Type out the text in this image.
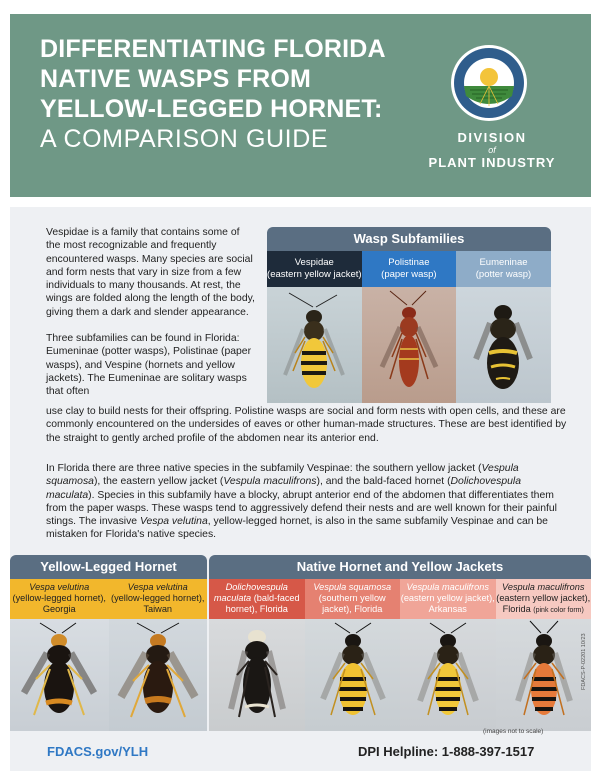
DIFFERENTIATING FLORIDA
NATIVE WASPS FROM
YELLOW-LEGGED HORNET:
A COMPARISON GUIDE	DIVISION
of
PLANT INDUSTRY

Vespidae is a family that contains some of the most recognizable and frequently encountered wasps. Many species are social and form nests that vary in size from a few individuals to many thousands. At rest, the wings are folded along the length of the body, giving them a dark and slender appearance.

Three subfamilies can be found in Florida: Eumeninae (potter wasps), Polistinae (paper wasps), and Vespine (hornets and yellow jackets). The Eumeninae are solitary wasps that often

use clay to build nests for their offspring. Polistine wasps are social and form nests with open cells, and these are commonly encountered on the undersides of eaves or other human-made structures. These are best identified by the straight to gently arched profile of the abdomen near its anterior end.
In Florida there are three native species in the subfamily Vespinae: the southern yellow jacket (Vespula squamosa), the eastern yellow jacket (Vespula maculifrons), and the bald-faced hornet (Dolichovespula maculata). Species in this subfamily have a blocky, abrupt anterior end of the abdomen that differentiates them from the paper wasps. These wasps tend to aggressively defend their nests and are well known for their painful stings. The invasive Vespa velutina, yellow-legged hornet, is also in the same subfamily Vespinae and can be mistaken for Florida's native species.
Wasp Subfamilies
Vespidae
(eastern yellow jacket)
Polistinae
(paper wasp)
Eumeninae
(potter wasp)
Yellow-Legged Hornet
Vespa velutina
(yellow-legged hornet), Georgia
Vespa velutina
(yellow-legged hornet), Taiwan
Native Hornet and Yellow Jackets
Dolichovespula maculata (bald-faced hornet), Florida
Vespula squamosa (southern yellow jacket), Florida
Vespula maculifrons (eastern yellow jacket), Arkansas
Vespula maculifrons (eastern yellow jacket), Florida (pink color form)
(images not to scale)
FDACS.gov/YLH	DPI Helpline: 1-888-397-1517
FDACS-P-02201 10/23
